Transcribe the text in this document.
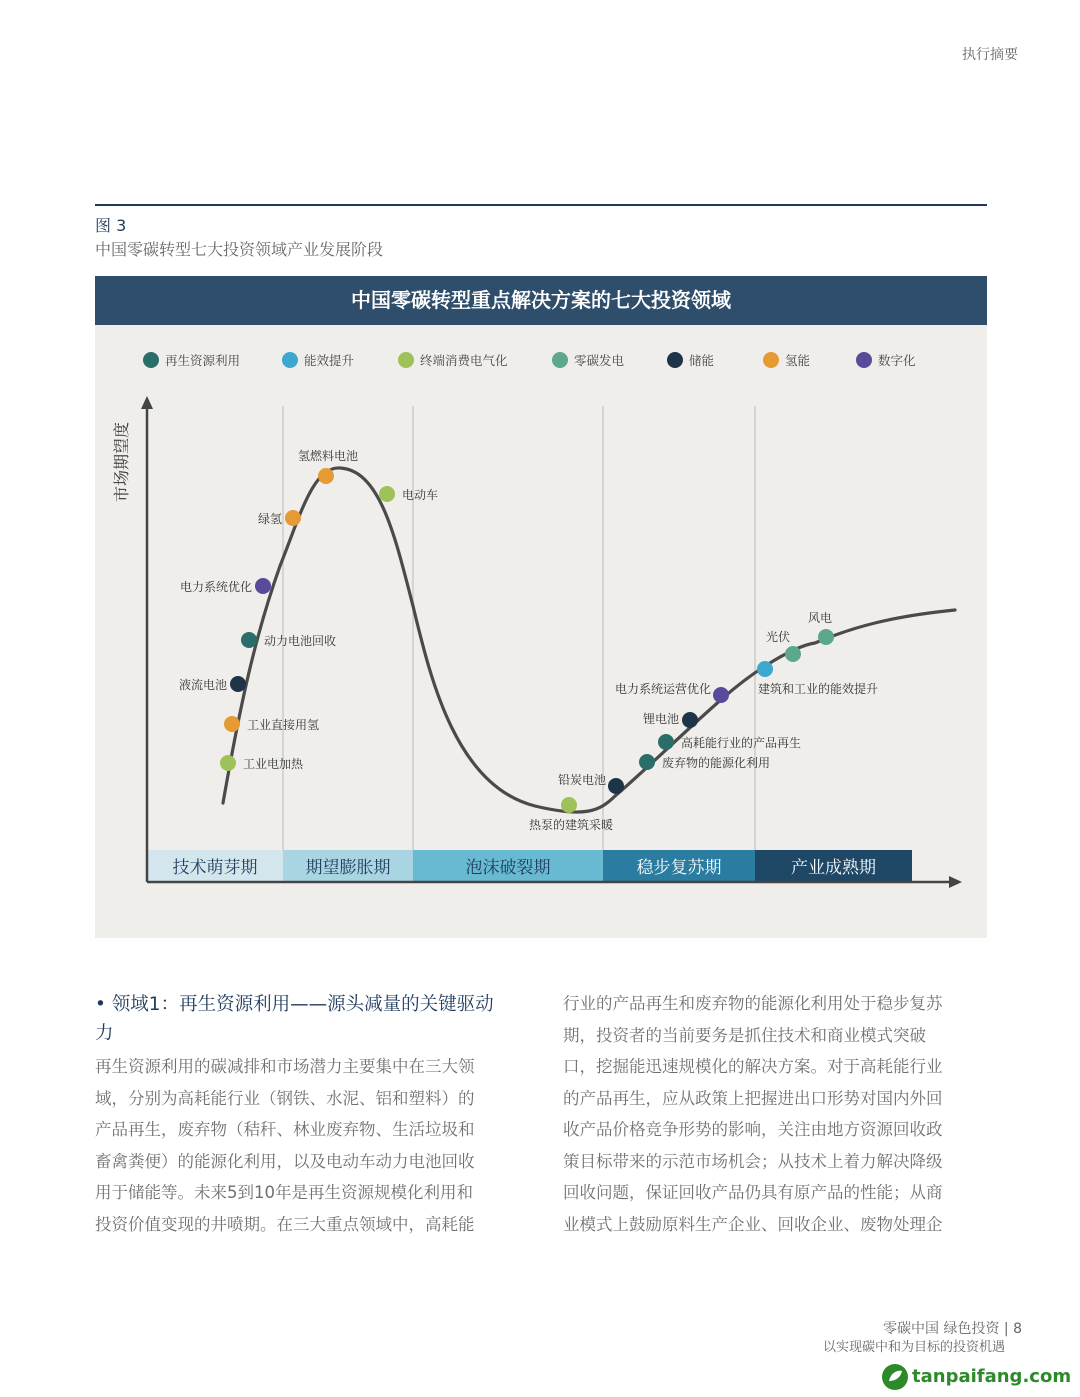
执行摘要
图 3
中国零碳转型七大投资领域产业发展阶段
中国零碳转型重点解决方案的七大投资领域
再生资源利用	能效提升	终端消费电气化	零碳发电	储能	氢能	数字化
技术萌芽期	期望膨胀期	泡沫破裂期	稳步复苏期	产业成熟期
市场期望度
工业电加热
工业直接用氢
液流电池
动力电池回收
电力系统优化
绿氢
氢燃料电池
电动车
热泵的建筑采暖
铅炭电池
废弃物的能源化利用
高耗能行业的产品再生
锂电池
电力系统运营优化	建筑和工业的能效提升
光伏
风电
• 领域1：再生资源利用——源头减量的关键驱动力
再生资源利用的碳减排和市场潜力主要集中在三大领
域，分别为高耗能行业（钢铁、水泥、铝和塑料）的
产品再生，废弃物（秸秆、林业废弃物、生活垃圾和
畜禽粪便）的能源化利用，以及电动车动力电池回收
用于储能等。未来5到10年是再生资源规模化利用和
投资价值变现的井喷期。在三大重点领域中，高耗能
行业的产品再生和废弃物的能源化利用处于稳步复苏
期，投资者的当前要务是抓住技术和商业模式突破
口，挖掘能迅速规模化的解决方案。对于高耗能行业
的产品再生，应从政策上把握进出口形势对国内外回
收产品价格竞争形势的影响，关注由地方资源回收政
策目标带来的示范市场机会；从技术上着力解决降级
回收问题，保证回收产品仍具有原产品的性能；从商
业模式上鼓励原料生产企业、回收企业、废物处理企
零碳中国 绿色投资 | 8
以实现碳中和为目标的投资机遇
tanpaifang.com
